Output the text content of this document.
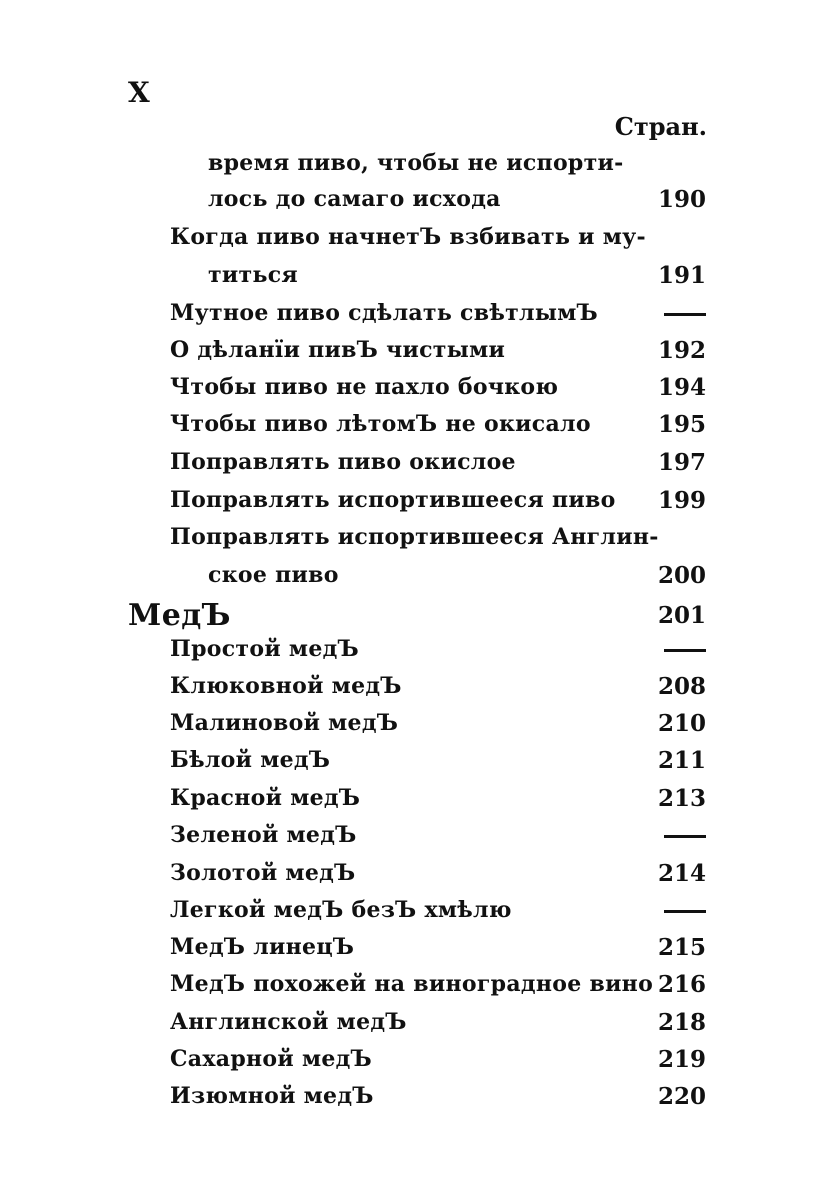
X
Стран.
время пиво, чтобы не испорти-
лось до самаго исхода	190
Когда пиво начнетЪ взбивать и му-
титься	191
Мутное пиво сдѣлать свѣтлымЪ
О дѣланїи пивЪ чистыми	192
Чтобы пиво не пахло бочкою	194
Чтобы пиво лѣтомЪ не окисало	195
Поправлять пиво окислое	197
Поправлять испортившееся пиво	199
Поправлять испортившееся Англин-
ское пиво	200
МедЪ	201
Простой медЪ
Клюковной медЪ	208
Малиновой медЪ	210
Бѣлой медЪ	211
Красной медЪ	213
Зеленой медЪ
Золотой медЪ	214
Легкой медЪ безЪ хмѣлю
МедЪ линецЪ	215
МедЪ похожей на виноградное вино 216
Англинской медЪ	218
Сахарной медЪ	219
Изюмной медЪ	220
